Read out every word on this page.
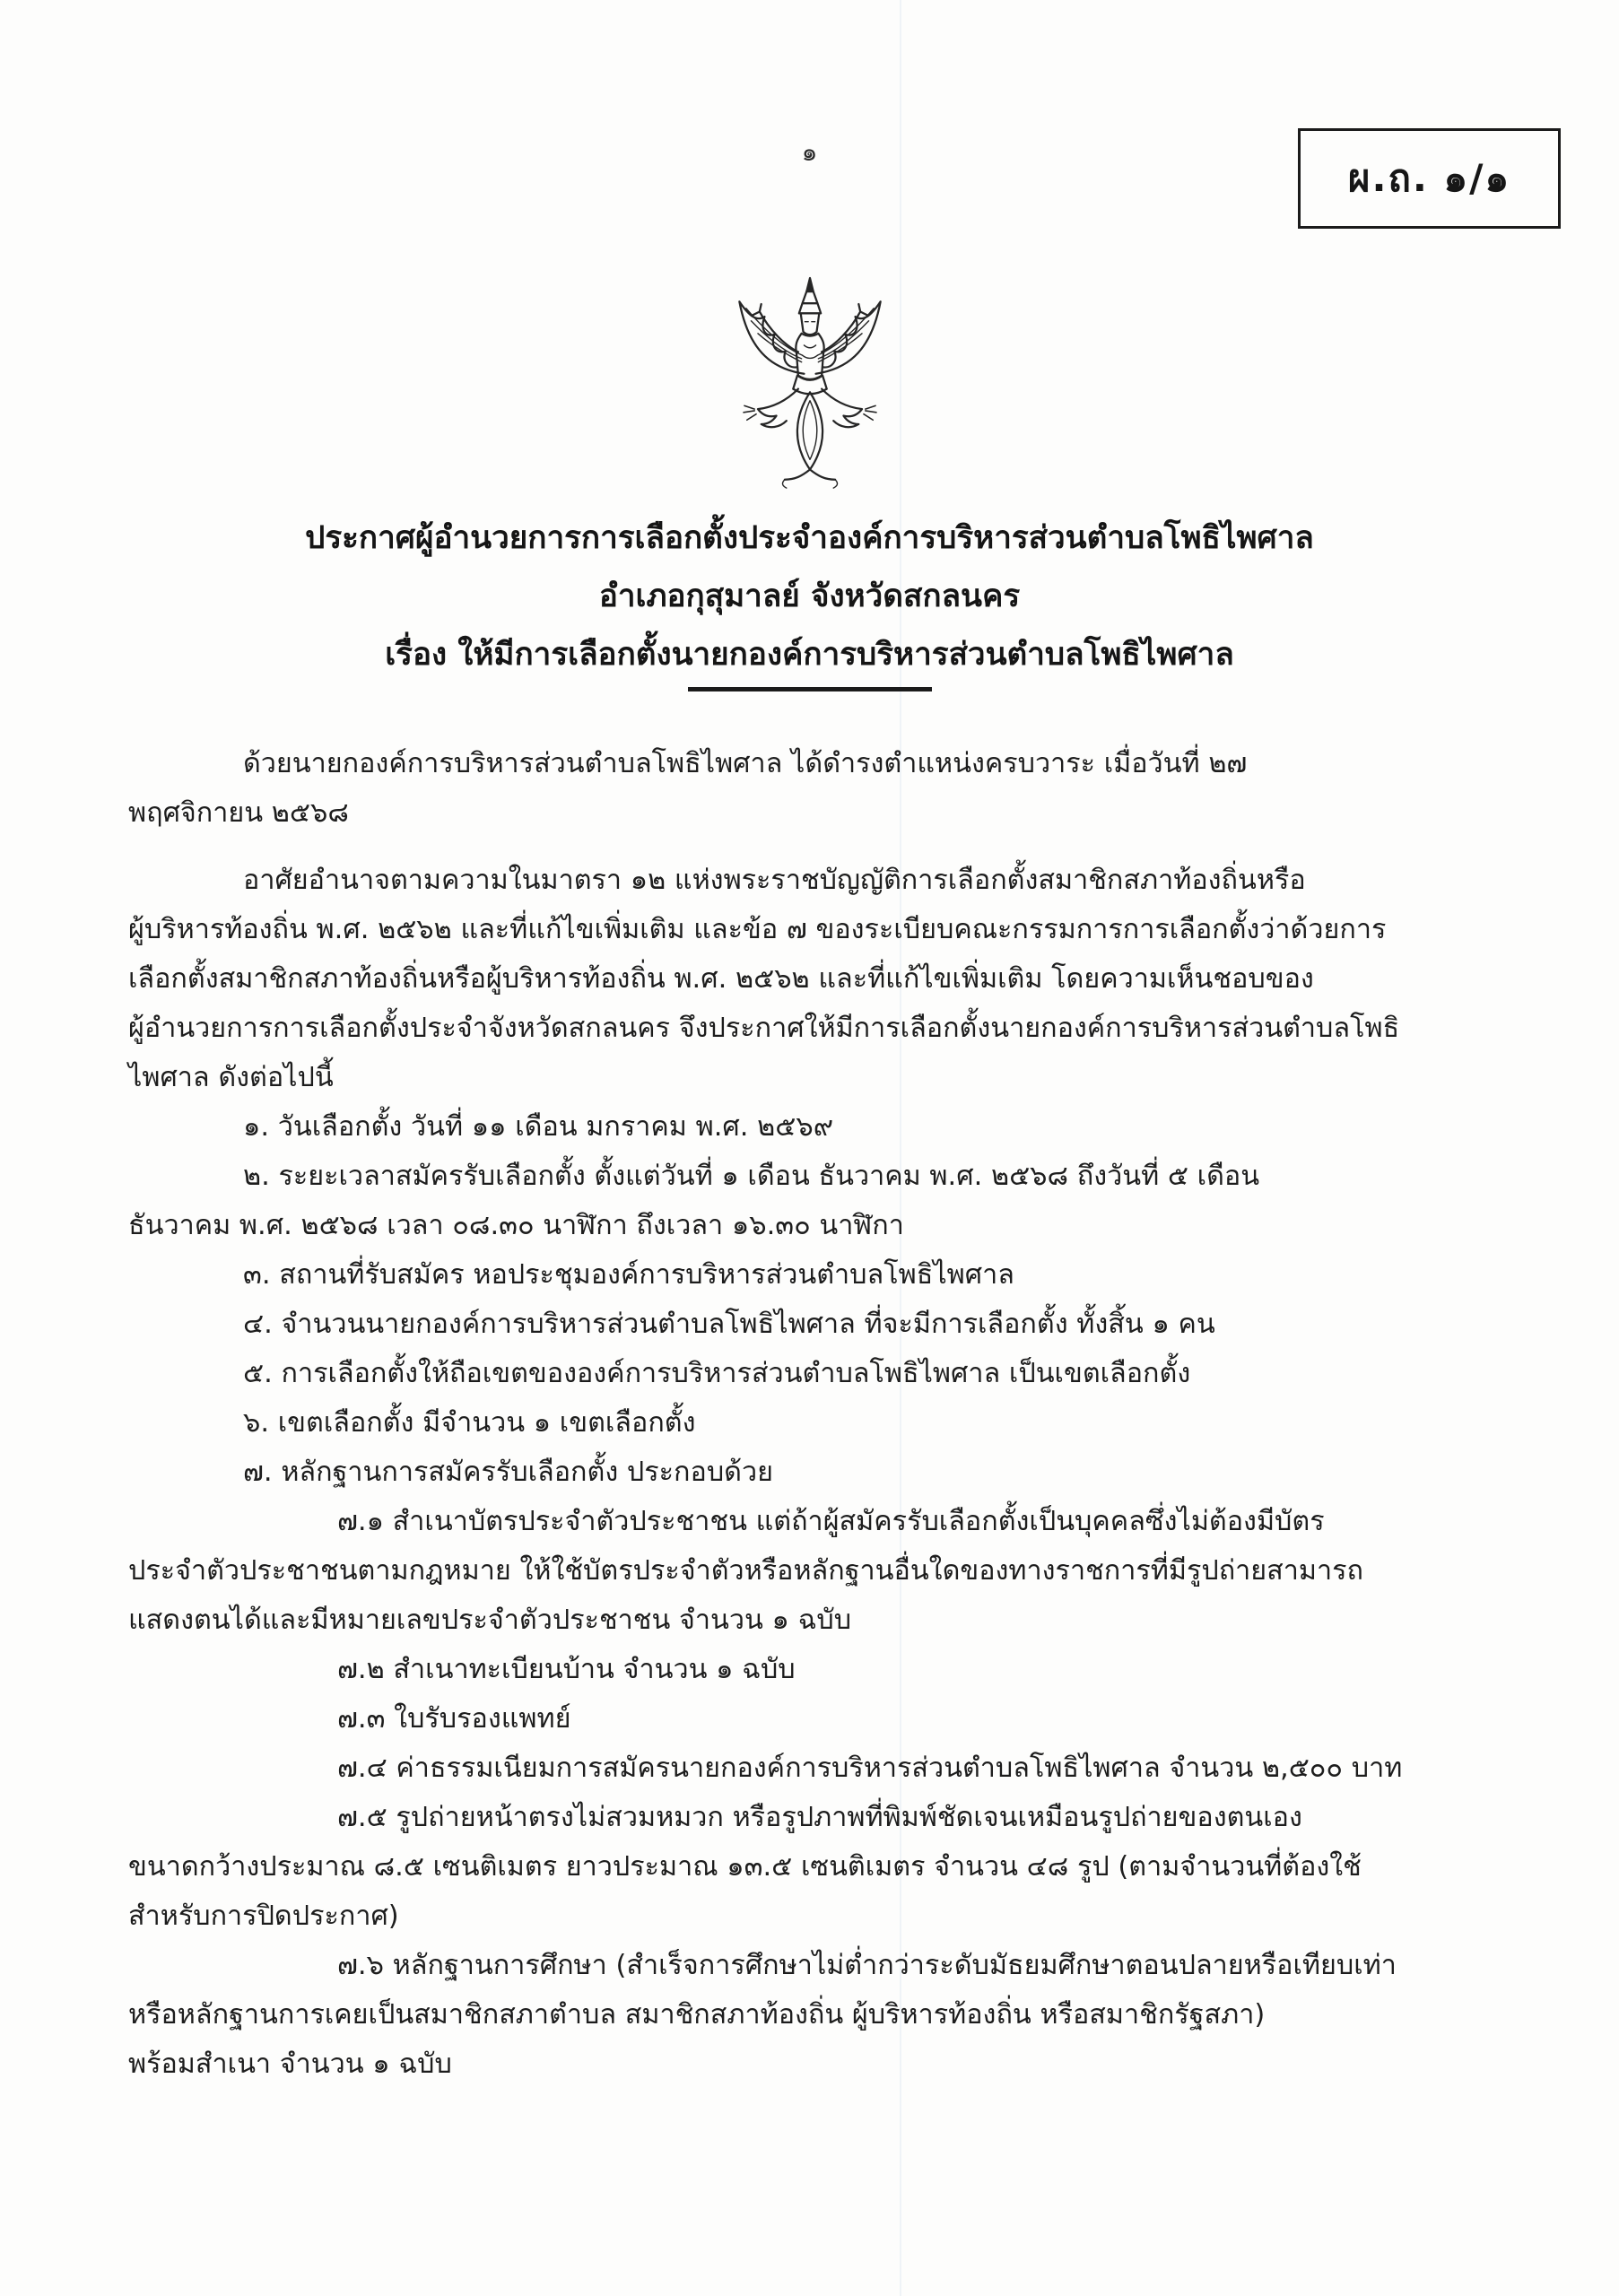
๑
ผ.ถ. ๑/๑
ประกาศผู้อำนวยการการเลือกตั้งประจำองค์การบริหารส่วนตำบลโพธิไพศาล
อำเภอกุสุมาลย์ จังหวัดสกลนคร
เรื่อง ให้มีการเลือกตั้งนายกองค์การบริหารส่วนตำบลโพธิไพศาล
ด้วยนายกองค์การบริหารส่วนตำบลโพธิไพศาล ได้ดำรงตำแหน่งครบวาระ เมื่อวันที่ ๒๗
พฤศจิกายน ๒๕๖๘
อาศัยอำนาจตามความในมาตรา ๑๒ แห่งพระราชบัญญัติการเลือกตั้งสมาชิกสภาท้องถิ่นหรือ
ผู้บริหารท้องถิ่น พ.ศ. ๒๕๖๒ และที่แก้ไขเพิ่มเติม และข้อ ๗ ของระเบียบคณะกรรมการการเลือกตั้งว่าด้วยการ
เลือกตั้งสมาชิกสภาท้องถิ่นหรือผู้บริหารท้องถิ่น พ.ศ. ๒๕๖๒ และที่แก้ไขเพิ่มเติม โดยความเห็นชอบของ
ผู้อำนวยการการเลือกตั้งประจำจังหวัดสกลนคร จึงประกาศให้มีการเลือกตั้งนายกองค์การบริหารส่วนตำบลโพธิ
ไพศาล ดังต่อไปนี้
๑. วันเลือกตั้ง วันที่ ๑๑ เดือน มกราคม พ.ศ. ๒๕๖๙
๒. ระยะเวลาสมัครรับเลือกตั้ง ตั้งแต่วันที่ ๑ เดือน ธันวาคม พ.ศ. ๒๕๖๘ ถึงวันที่ ๕ เดือน
ธันวาคม พ.ศ. ๒๕๖๘ เวลา ๐๘.๓๐ นาฬิกา ถึงเวลา ๑๖.๓๐ นาฬิกา
๓. สถานที่รับสมัคร หอประชุมองค์การบริหารส่วนตำบลโพธิไพศาล
๔. จำนวนนายกองค์การบริหารส่วนตำบลโพธิไพศาล ที่จะมีการเลือกตั้ง ทั้งสิ้น ๑ คน
๕. การเลือกตั้งให้ถือเขตขององค์การบริหารส่วนตำบลโพธิไพศาล เป็นเขตเลือกตั้ง
๖. เขตเลือกตั้ง มีจำนวน ๑ เขตเลือกตั้ง
๗. หลักฐานการสมัครรับเลือกตั้ง ประกอบด้วย
๗.๑ สำเนาบัตรประจำตัวประชาชน แต่ถ้าผู้สมัครรับเลือกตั้งเป็นบุคคลซึ่งไม่ต้องมีบัตร
ประจำตัวประชาชนตามกฎหมาย ให้ใช้บัตรประจำตัวหรือหลักฐานอื่นใดของทางราชการที่มีรูปถ่ายสามารถ
แสดงตนได้และมีหมายเลขประจำตัวประชาชน จำนวน ๑ ฉบับ
๗.๒ สำเนาทะเบียนบ้าน จำนวน ๑ ฉบับ
๗.๓ ใบรับรองแพทย์
๗.๔ ค่าธรรมเนียมการสมัครนายกองค์การบริหารส่วนตำบลโพธิไพศาล จำนวน ๒,๕๐๐ บาท
๗.๕ รูปถ่ายหน้าตรงไม่สวมหมวก หรือรูปภาพที่พิมพ์ชัดเจนเหมือนรูปถ่ายของตนเอง
ขนาดกว้างประมาณ ๘.๕ เซนติเมตร ยาวประมาณ ๑๓.๕ เซนติเมตร จำนวน ๔๘ รูป (ตามจำนวนที่ต้องใช้
สำหรับการปิดประกาศ)
๗.๖ หลักฐานการศึกษา (สำเร็จการศึกษาไม่ต่ำกว่าระดับมัธยมศึกษาตอนปลายหรือเทียบเท่า
หรือหลักฐานการเคยเป็นสมาชิกสภาตำบล สมาชิกสภาท้องถิ่น ผู้บริหารท้องถิ่น หรือสมาชิกรัฐสภา)
พร้อมสำเนา จำนวน ๑ ฉบับ
